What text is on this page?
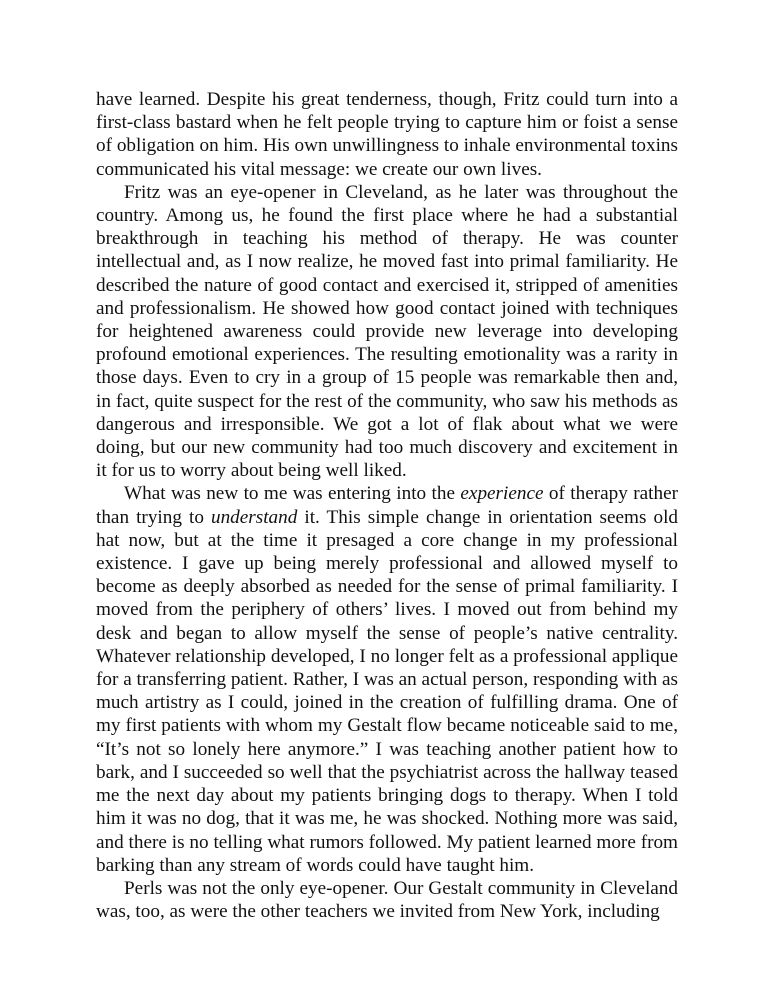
have learned. Despite his great tenderness, though, Fritz could turn into a first-class bastard when he felt people trying to capture him or foist a sense of obligation on him. His own unwillingness to inhale environmental toxins communicated his vital message: we create our own lives.

Fritz was an eye-opener in Cleveland, as he later was throughout the country. Among us, he found the first place where he had a substantial breakthrough in teaching his method of therapy. He was counter intellectual and, as I now realize, he moved fast into primal familiarity. He described the nature of good contact and exercised it, stripped of amenities and professionalism. He showed how good contact joined with techniques for heightened awareness could provide new leverage into developing profound emotional experiences. The resulting emotionality was a rarity in those days. Even to cry in a group of 15 people was remarkable then and, in fact, quite suspect for the rest of the community, who saw his methods as dangerous and irresponsible. We got a lot of flak about what we were doing, but our new community had too much discovery and excitement in it for us to worry about being well liked.

What was new to me was entering into the experience of therapy rather than trying to understand it. This simple change in orientation seems old hat now, but at the time it presaged a core change in my professional existence. I gave up being merely professional and allowed myself to become as deeply absorbed as needed for the sense of primal familiarity. I moved from the periphery of others’ lives. I moved out from behind my desk and began to allow myself the sense of people’s native centrality. Whatever relationship developed, I no longer felt as a professional applique for a transferring patient. Rather, I was an actual person, responding with as much artistry as I could, joined in the creation of fulfilling drama. One of my first patients with whom my Gestalt flow became noticeable said to me, “It’s not so lonely here anymore.” I was teaching another patient how to bark, and I succeeded so well that the psychiatrist across the hallway teased me the next day about my patients bringing dogs to therapy. When I told him it was no dog, that it was me, he was shocked. Nothing more was said, and there is no telling what rumors followed. My patient learned more from barking than any stream of words could have taught him.

Perls was not the only eye-opener. Our Gestalt community in Cleveland was, too, as were the other teachers we invited from New York, including
